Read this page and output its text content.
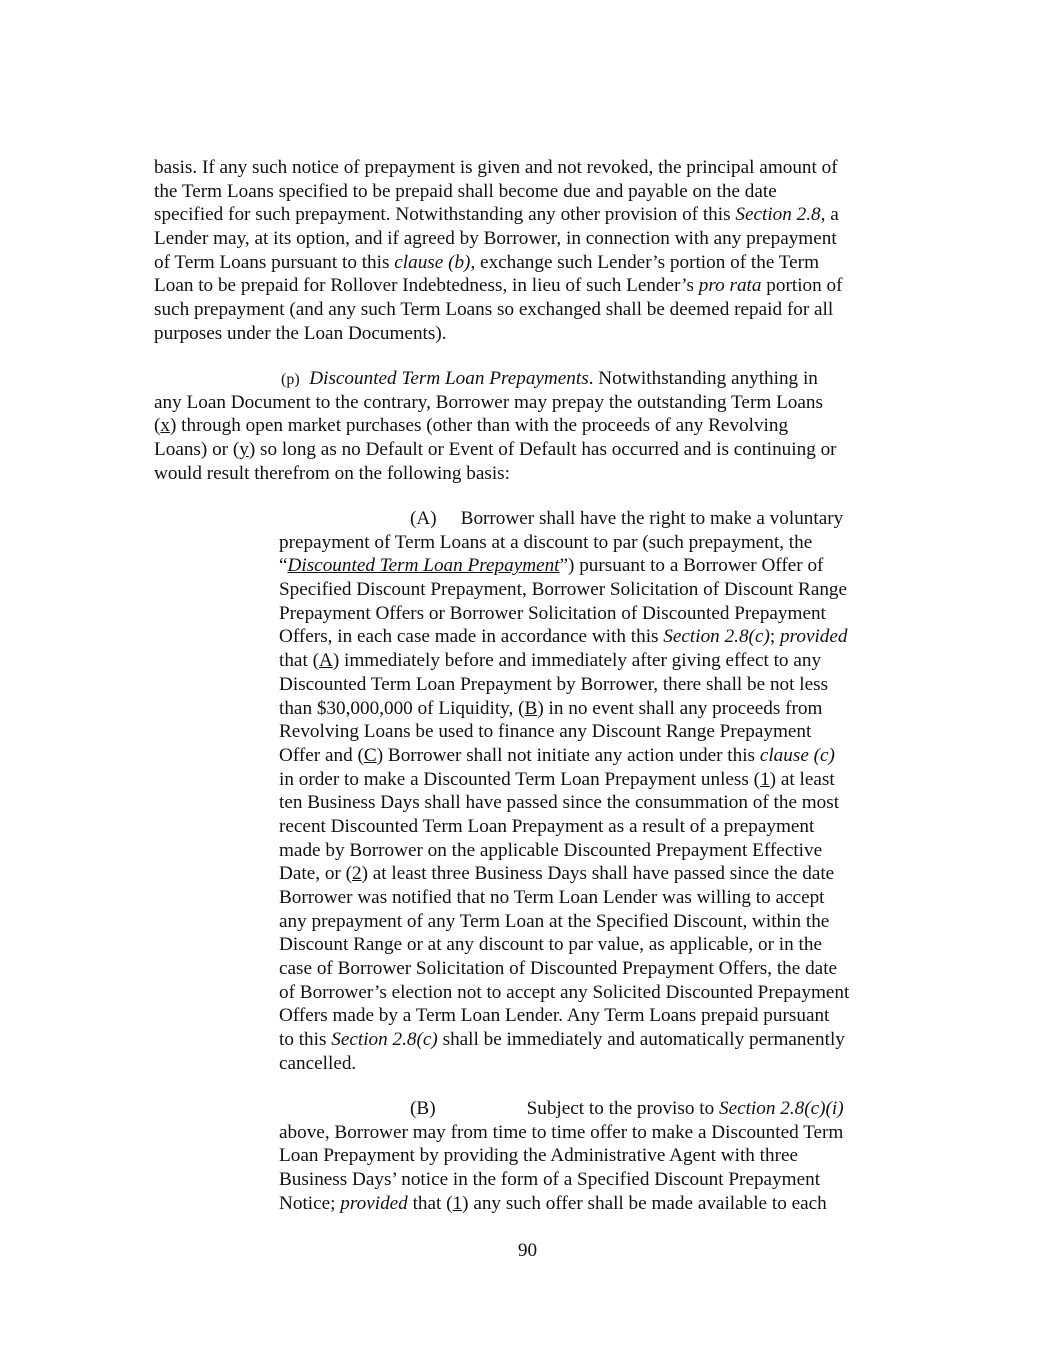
basis. If any such notice of prepayment is given and not revoked, the principal amount of
the Term Loans specified to be prepaid shall become due and payable on the date
specified for such prepayment. Notwithstanding any other provision of this Section 2.8, a
Lender may, at its option, and if agreed by Borrower, in connection with any prepayment
of Term Loans pursuant to this clause (b), exchange such Lender’s portion of the Term
Loan to be prepaid for Rollover Indebtedness, in lieu of such Lender’s pro rata portion of
such prepayment (and any such Term Loans so exchanged shall be deemed repaid for all
purposes under the Loan Documents).
(p) Discounted Term Loan Prepayments. Notwithstanding anything in
any Loan Document to the contrary, Borrower may prepay the outstanding Term Loans
(x) through open market purchases (other than with the proceeds of any Revolving
Loans) or (y) so long as no Default or Event of Default has occurred and is continuing or
would result therefrom on the following basis:
(A) Borrower shall have the right to make a voluntary
prepayment of Term Loans at a discount to par (such prepayment, the
“Discounted Term Loan Prepayment”) pursuant to a Borrower Offer of
Specified Discount Prepayment, Borrower Solicitation of Discount Range
Prepayment Offers or Borrower Solicitation of Discounted Prepayment
Offers, in each case made in accordance with this Section 2.8(c); provided
that (A) immediately before and immediately after giving effect to any
Discounted Term Loan Prepayment by Borrower, there shall be not less
than $30,000,000 of Liquidity, (B) in no event shall any proceeds from
Revolving Loans be used to finance any Discount Range Prepayment
Offer and (C) Borrower shall not initiate any action under this clause (c)
in order to make a Discounted Term Loan Prepayment unless (1) at least
ten Business Days shall have passed since the consummation of the most
recent Discounted Term Loan Prepayment as a result of a prepayment
made by Borrower on the applicable Discounted Prepayment Effective
Date, or (2) at least three Business Days shall have passed since the date
Borrower was notified that no Term Loan Lender was willing to accept
any prepayment of any Term Loan at the Specified Discount, within the
Discount Range or at any discount to par value, as applicable, or in the
case of Borrower Solicitation of Discounted Prepayment Offers, the date
of Borrower’s election not to accept any Solicited Discounted Prepayment
Offers made by a Term Loan Lender. Any Term Loans prepaid pursuant
to this Section 2.8(c) shall be immediately and automatically permanently
cancelled.
(B)	Subject to the proviso to Section 2.8(c)(i)
above, Borrower may from time to time offer to make a Discounted Term
Loan Prepayment by providing the Administrative Agent with three
Business Days’ notice in the form of a Specified Discount Prepayment
Notice; provided that (1) any such offer shall be made available to each
90
